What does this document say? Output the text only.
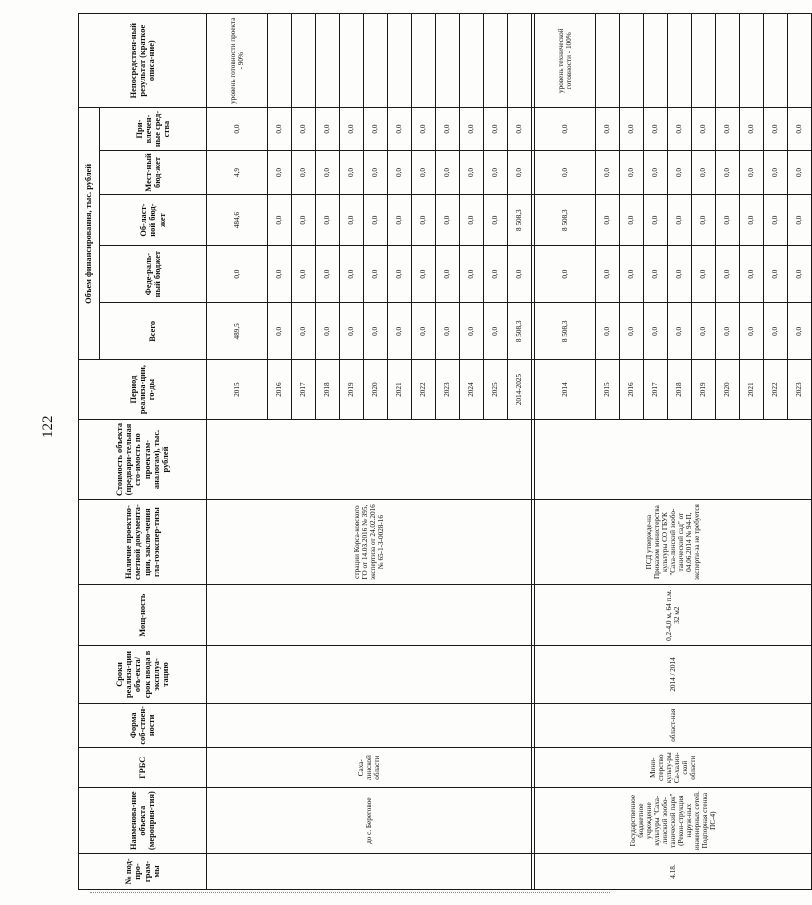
122
№ под-про-грам-мы	Наименова-ние объекта (мероприя-тия)	ГРБС	Форма соб-ствен-ности	Сроки реализа-ции объ-екта/срок ввода в эксплуа-тацию	Мощ-ность	Наличие проектно-сметной документа-ции, заклю-чения гла-гоэкспер-тизы	Стоимость объекта (предвари-тельная сто-имость по проектам-аналогам), тыс. рублей	Период реализа-ции, го-ды	Объем финансирования, тыс. рублей					Непосредствен-ный результат (краткое описа-ние)
									Всего	Феде-раль-ный бюджет	Об-ласт-ной бюд-жет	Мест-ный бюд-жет	При-влечен-ные сред-ства	
	до с. Береговое	Саха-линской области				страции Корса-ковского ГО от 14.03.2016 № 395, экспертиза от 24.02.2016 № 65-1-3-0028-16		2015	489,5	0,0	484,6	4,9	0,0	уровень готовности проекта - 90%
								2016	0,0	0,0	0,0	0,0	0,0	
								2017	0,0	0,0	0,0	0,0	0,0	
								2018	0,0	0,0	0,0	0,0	0,0	
								2019	0,0	0,0	0,0	0,0	0,0	
								2020	0,0	0,0	0,0	0,0	0,0	
								2021	0,0	0,0	0,0	0,0	0,0	
								2022	0,0	0,0	0,0	0,0	0,0	
								2023	0,0	0,0	0,0	0,0	0,0	
								2024	0,0	0,0	0,0	0,0	0,0	
								2025	0,0	0,0	0,0	0,0	0,0	
								2014-2025	8 508,3	0,0	8 508,3	0,0	0,0	

4.18.	Государственное бюджетное учреждение культуры "Саха-линский зообо-танический парк" (Рекон-струкция наруж-ных инженерных сетей. Подпорная стенка ПС-4)	Мини-стерство культу-ры Са-халин-ской области	област-ная	2014 / 2014	0,2-4,0 м, 64 п.м. 32 м2	ПСД утвержде-на Приказом министерства культуры СО ГБУК "Саха-линский зообо-танический сад" от 04.06.2014 № 94-П, эксперти-за не требуется		2014	8 508,3	0,0	8 508,3	0,0	0,0	уровень технической готовности - 100%
								2015	0,0	0,0	0,0	0,0	0,0	
								2016	0,0	0,0	0,0	0,0	0,0	
								2017	0,0	0,0	0,0	0,0	0,0	
								2018	0,0	0,0	0,0	0,0	0,0	
								2019	0,0	0,0	0,0	0,0	0,0	
								2020	0,0	0,0	0,0	0,0	0,0	
								2021	0,0	0,0	0,0	0,0	0,0	
								2022	0,0	0,0	0,0	0,0	0,0	
								2023	0,0	0,0	0,0	0,0	0,0	
